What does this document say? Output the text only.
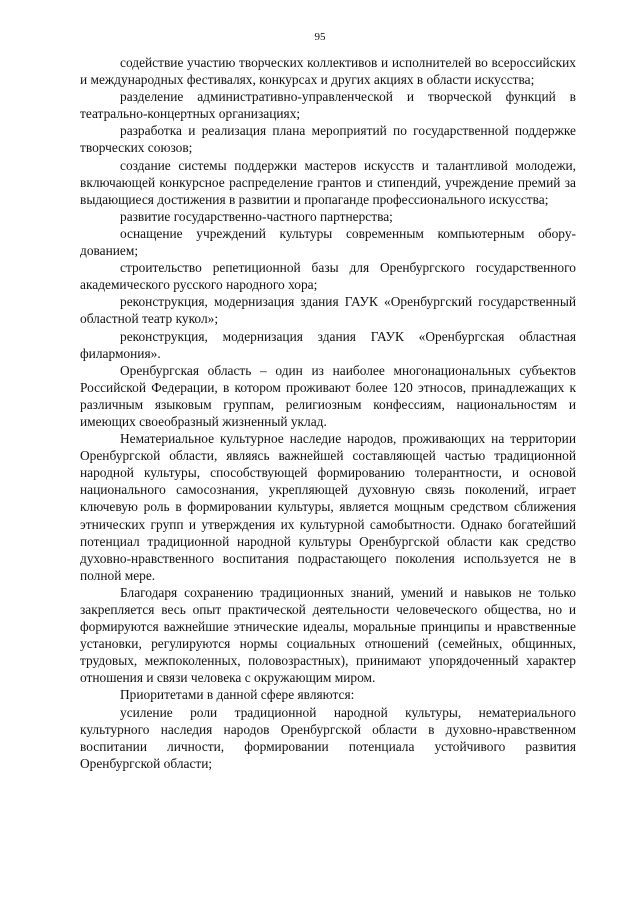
95

содействие участию творческих коллективов и исполнителей во всероссийских и международных фестивалях, конкурсах и других акциях в области искусства;

разделение административно-управленческой и творческой функций в театрально-концертных организациях;

разработка и реализация плана мероприятий по государственной поддержке творческих союзов;

создание системы поддержки мастеров искусств и талантливой молодежи, включающей конкурсное распределение грантов и стипендий, учреждение премий за выдающиеся достижения в развитии и пропаганде профессионального искусства;

развитие государственно-частного партнерства;

оснащение учреждений культуры современным компьютерным оборудованием;

строительство репетиционной базы для Оренбургского государственного академического русского народного хора;

реконструкция, модернизация здания ГАУК «Оренбургский государственный областной театр кукол»;

реконструкция, модернизация здания ГАУК «Оренбургская областная филармония».

Оренбургская область – один из наиболее многонациональных субъектов Российской Федерации, в котором проживают более 120 этносов, принадлежащих к различным языковым группам, религиозным конфессиям, национальностям и имеющих своеобразный жизненный уклад.

Нематериальное культурное наследие народов, проживающих на территории Оренбургской области, являясь важнейшей составляющей частью традиционной народной культуры, способствующей формированию толерантности, и основой национального самосознания, укрепляющей духовную связь поколений, играет ключевую роль в формировании культуры, является мощным средством сближения этнических групп и утверждения их культурной самобытности. Однако богатейший потенциал традиционной народной культуры Оренбургской области как средство духовно-нравственного воспитания подрастающего поколения используется не в полной мере.

Благодаря сохранению традиционных знаний, умений и навыков не только закрепляется весь опыт практической деятельности человеческого общества, но и формируются важнейшие этнические идеалы, моральные принципы и нравственные установки, регулируются нормы социальных отношений (семейных, общинных, трудовых, межпоколенных, половозрастных), принимают упорядоченный характер отношения и связи человека с окружающим миром.

Приоритетами в данной сфере являются:

усиление роли традиционной народной культуры, нематериального культурного наследия народов Оренбургской области в духовно-нравственном воспитании личности, формировании потенциала устойчивого развития Оренбургской области;
